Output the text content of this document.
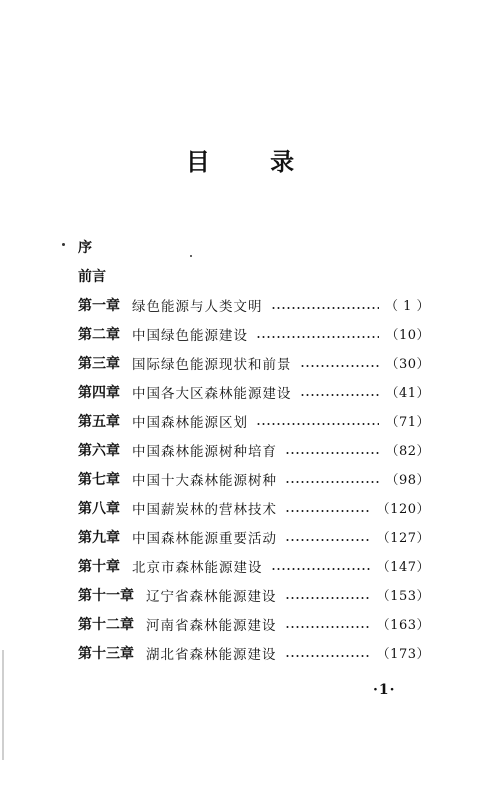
目 录
序
前言
第一章 绿色能源与人类文明	（ 1 ）
第二章 中国绿色能源建设	（10）
第三章 国际绿色能源现状和前景	（30）
第四章 中国各大区森林能源建设	（41）
第五章 中国森林能源区划	（71）
第六章 中国森林能源树种培育	（82）
第七章 中国十大森林能源树种	（98）
第八章 中国薪炭林的营林技术	（120）
第九章 中国森林能源重要活动	（127）
第十章 北京市森林能源建设	（147）
第十一章 辽宁省森林能源建设	（153）
第十二章 河南省森林能源建设	（163）
第十三章 湖北省森林能源建设	（173）
·1·
